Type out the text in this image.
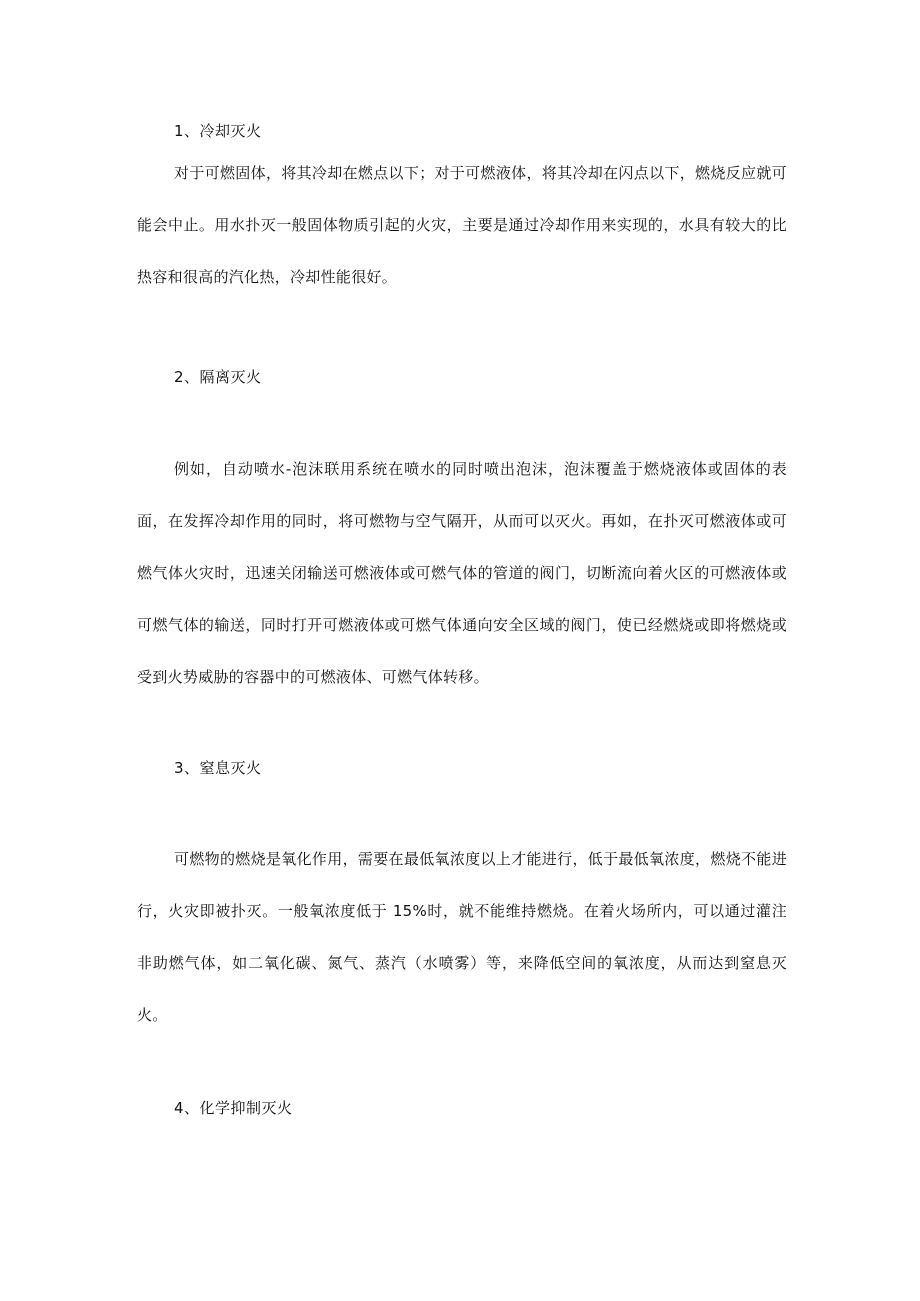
1、冷却灭火

对于可燃固体，将其冷却在燃点以下；对于可燃液体，将其冷却在闪点以下，燃烧反应就可能会中止。用水扑灭一般固体物质引起的火灾，主要是通过冷却作用来实现的，水具有较大的比热容和很高的汽化热，冷却性能很好。

2、隔离灭火

例如，自动喷水-泡沫联用系统在喷水的同时喷出泡沫，泡沫覆盖于燃烧液体或固体的表面，在发挥冷却作用的同时，将可燃物与空气隔开，从而可以灭火。再如，在扑灭可燃液体或可燃气体火灾时，迅速关闭输送可燃液体或可燃气体的管道的阀门，切断流向着火区的可燃液体或可燃气体的输送，同时打开可燃液体或可燃气体通向安全区域的阀门，使已经燃烧或即将燃烧或受到火势威胁的容器中的可燃液体、可燃气体转移。

3、窒息灭火

可燃物的燃烧是氧化作用，需要在最低氧浓度以上才能进行，低于最低氧浓度，燃烧不能进行，火灾即被扑灭。一般氧浓度低于 15%时，就不能维持燃烧。在着火场所内，可以通过灌注非助燃气体，如二氧化碳、氮气、蒸汽（水喷雾）等，来降低空间的氧浓度，从而达到窒息灭火。

4、化学抑制灭火
